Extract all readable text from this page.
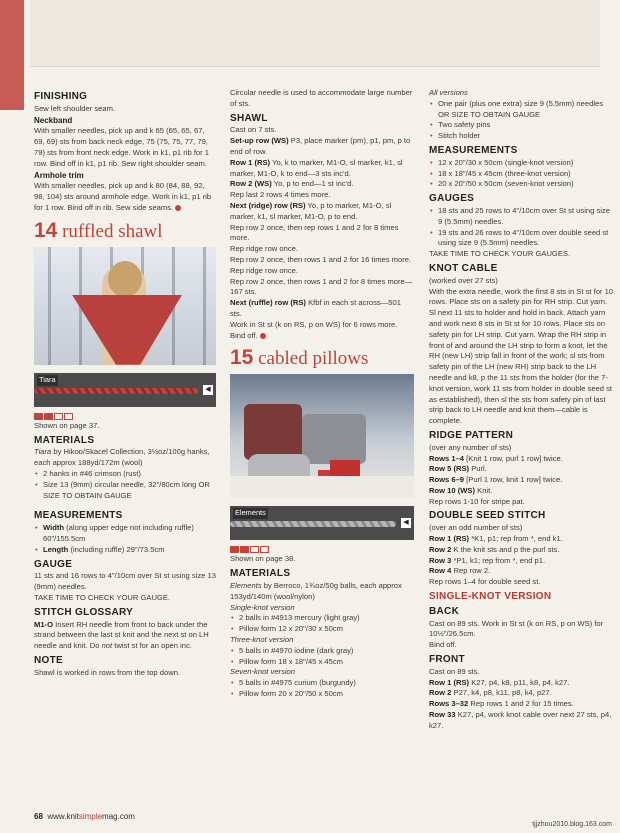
FINISHING

Sew left shoulder seam.

Neckband

With smaller needles, pick up and k 65 (65, 65, 67, 69, 69) sts from back neck edge, 75 (75, 75, 77, 79, 79) sts from front neck edge. Work in k1, p1 rib for 1 row. Bind off in k1, p1 rib. Sew right shoulder seam.

Armhole trim

With smaller needles, pick up and k 80 (84, 88, 92, 98, 104) sts around armhole edge. Work in k1, p1 rib for 1 row. Bind off in rib. Sew side seams.

14 ruffled shawl
Tiara
◀

Shown on page 37.

MATERIALS

Tiara by Hikoo/Skacel Collection, 3½oz/100g hanks, each approx 188yd/172m (wool)

• 2 hanks in #46 crimson (rust)

• Size 13 (9mm) circular needle, 32"/80cm long OR SIZE TO OBTAIN GAUGE

MEASUREMENTS

• Width (along upper edge not including ruffle) 60"/155.5cm

• Length (including ruffle) 29"/73.5cm

GAUGE

11 sts and 16 rows to 4"/10cm over St st using size 13 (9mm) needles.

TAKE TIME TO CHECK YOUR GAUGE.

STITCH GLOSSARY

M1-O Insert RH needle from front to back under the strand between the last st knit and the next st on LH needle and knit. Do not twist st for an open inc.

NOTE

Shawl is worked in rows from the top down.

Circular needle is used to accommodate large number of sts.

SHAWL

Cast on 7 sts.

Set-up row (WS) P3, place marker (pm), p1, pm, p to end of row.

Row 1 (RS) Yo, k to marker, M1-O, sl marker, k1, sl marker, M1-O, k to end—3 sts inc'd.

Row 2 (WS) Yo, p to end—1 st inc'd.

Rep last 2 rows 4 times more.

Next (ridge) row (RS) Yo, p to marker, M1-O, sl marker, k1, sl marker, M1-O, p to end.

Rep row 2 once, then rep rows 1 and 2 for 8 times more.

Rep ridge row once.

Rep row 2 once, then rows 1 and 2 for 16 times more.

Rep ridge row once.

Rep row 2 once, then rows 1 and 2 for 8 times more—167 sts.

Next (ruffle) row (RS) Kfbf in each st across—501 sts.

Work in St st (k on RS, p on WS) for 6 rows more. Bind off.

15 cabled pillows
Elements
◀

Shown on page 38.

MATERIALS

Elements by Berroco, 1¾oz/50g balls, each approx 153yd/140m (wool/nylon)

Single-knot version

• 2 balls in #4913 mercury (light gray)

• Pillow form 12 x 20"/30 x 50cm

Three-knot version

• 5 balls in #4970 iodine (dark gray)

• Pillow form 18 x 18"/45 x 45cm

Seven-knot version

• 5 balls in #4975 curium (burgundy)

• Pillow form 20 x 20"/50 x 50cm

All versions

• One pair (plus one extra) size 9 (5.5mm) needles OR SIZE TO OBTAIN GAUGE

• Two safety pins

• Stitch holder

MEASUREMENTS

• 12 x 20"/30 x 50cm (single-knot version)

• 18 x 18"/45 x 45cm (three-knot version)

• 20 x 20"/50 x 50cm (seven-knot version)

GAUGES

• 18 sts and 25 rows to 4"/10cm over St st using size 9 (5.5mm) needles.

• 19 sts and 26 rows to 4"/10cm over double seed st using size 9 (5.5mm) needles.

TAKE TIME TO CHECK YOUR GAUGES.

KNOT CABLE

(worked over 27 sts)

With the extra needle, work the first 8 sts in St st for 10 rows. Place sts on a safety pin for RH strip. Cut yarn. Sl next 11 sts to holder and hold in back. Attach yarn and work next 8 sts in St st for 10 rows. Place sts on safety pin for LH strip. Cut yarn. Wrap the RH strip in front of and around the LH strip to form a knot, let the RH (new LH) strip fall in front of the work; sl sts from safety pin of the LH (new RH) strip back to the LH needle and k8, p the 11 sts from the holder (for the 7-knot version, work 11 sts from holder in double seed st as established), then sl the sts from safety pin of last strip back to LH needle and knit them—cable is complete.

RIDGE PATTERN

(over any number of sts)

Rows 1–4 [Knit 1 row, purl 1 row] twice.

Row 5 (RS) Purl.

Rows 6–9 [Purl 1 row, knit 1 row] twice.

Row 10 (WS) Knit.

Rep rows 1-10 for stripe pat.

DOUBLE SEED STITCH

(over an odd number of sts)

Row 1 (RS) *K1, p1; rep from *, end k1.

Row 2 K the knit sts and p the purl sts.

Row 3 *P1, k1; rep from *, end p1.

Row 4 Rep row 2.

Rep rows 1–4 for double seed st.

SINGLE-KNOT VERSION
BACK

Cast on 89 sts. Work in St st (k on RS, p on WS) for 10½"/26.5cm.

Bind off.

FRONT

Cast on 89 sts.

Row 1 (RS) K27, p4, k8, p11, k8, p4, k27.

Row 2 P27, k4, p8, k11, p8, k4, p27.

Rows 3–32 Rep rows 1 and 2 for 15 times.

Row 33 K27, p4, work knot cable over next 27 sts, p4, k27.

68 www.knitsimplemag.com
tjjzhou2010.blog.163.com
